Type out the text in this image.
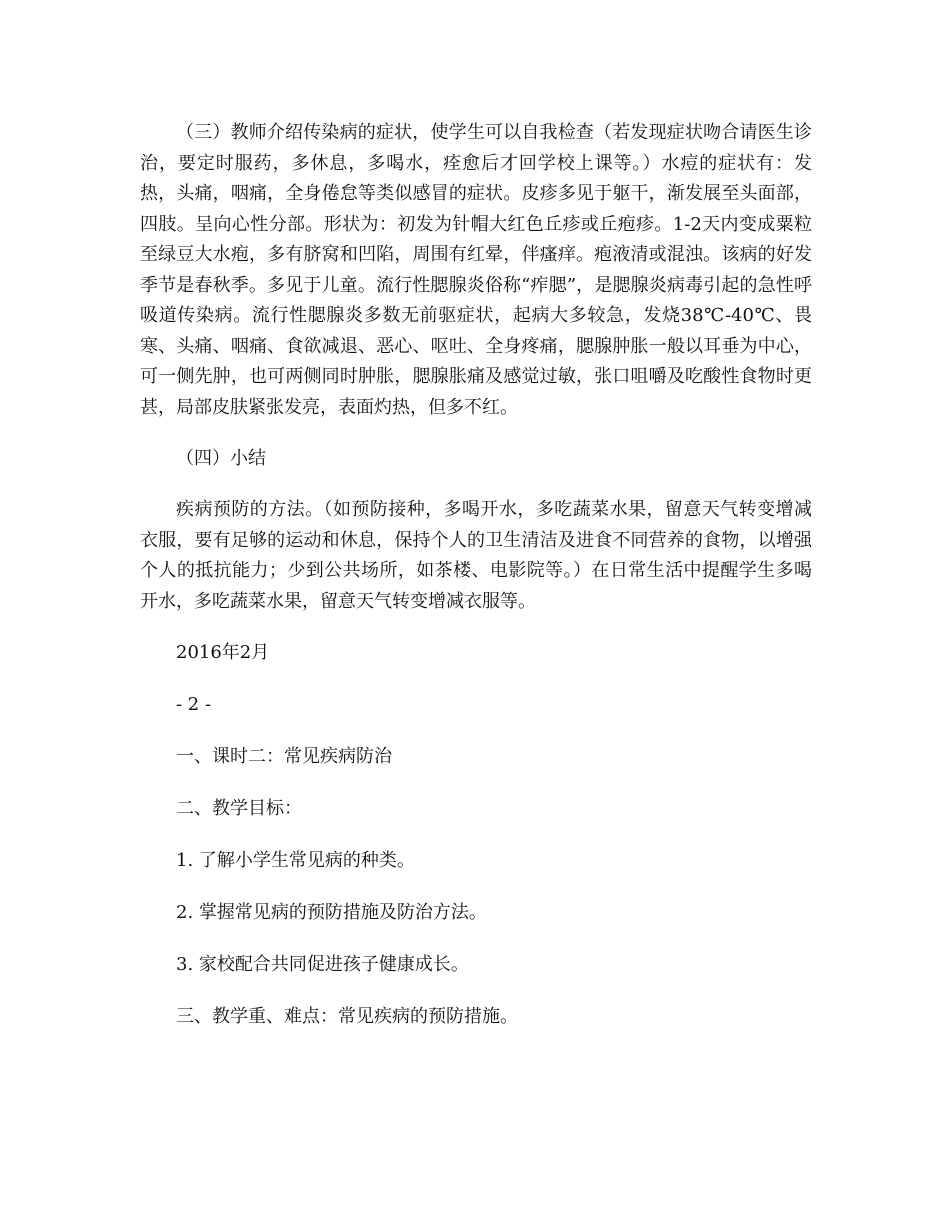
（三）教师介绍传染病的症状，使学生可以自我检查（若发现症状吻合请医生诊治，要定时服药，多休息，多喝水，痊愈后才回学校上课等。）水痘的症状有：发热，头痛，咽痛，全身倦怠等类似感冒的症状。皮疹多见于躯干，渐发展至头面部，四肢。呈向心性分部。形状为：初发为针帽大红色丘疹或丘疱疹。1-2天内变成粟粒至绿豆大水疱，多有脐窝和凹陷，周围有红晕，伴瘙痒。疱液清或混浊。该病的好发季节是春秋季。多见于儿童。流行性腮腺炎俗称“痄腮”，是腮腺炎病毒引起的急性呼吸道传染病。流行性腮腺炎多数无前驱症状，起病大多较急，发烧38℃-40℃、畏寒、头痛、咽痛、食欲减退、恶心、呕吐、全身疼痛，腮腺肿胀一般以耳垂为中心，可一侧先肿，也可两侧同时肿胀，腮腺胀痛及感觉过敏，张口咀嚼及吃酸性食物时更甚，局部皮肤紧张发亮，表面灼热，但多不红。

（四）小结

疾病预防的方法。（如预防接种，多喝开水，多吃蔬菜水果，留意天气转变增减衣服，要有足够的运动和休息，保持个人的卫生清洁及进食不同营养的食物，以增强个人的抵抗能力；少到公共场所，如茶楼、电影院等。）在日常生活中提醒学生多喝开水，多吃蔬菜水果，留意天气转变增减衣服等。

2016年2月

- 2 -

一、课时二：常见疾病防治

二、教学目标：

1. 了解小学生常见病的种类。

2. 掌握常见病的预防措施及防治方法。

3. 家校配合共同促进孩子健康成长。

三、教学重、难点：常见疾病的预防措施。
